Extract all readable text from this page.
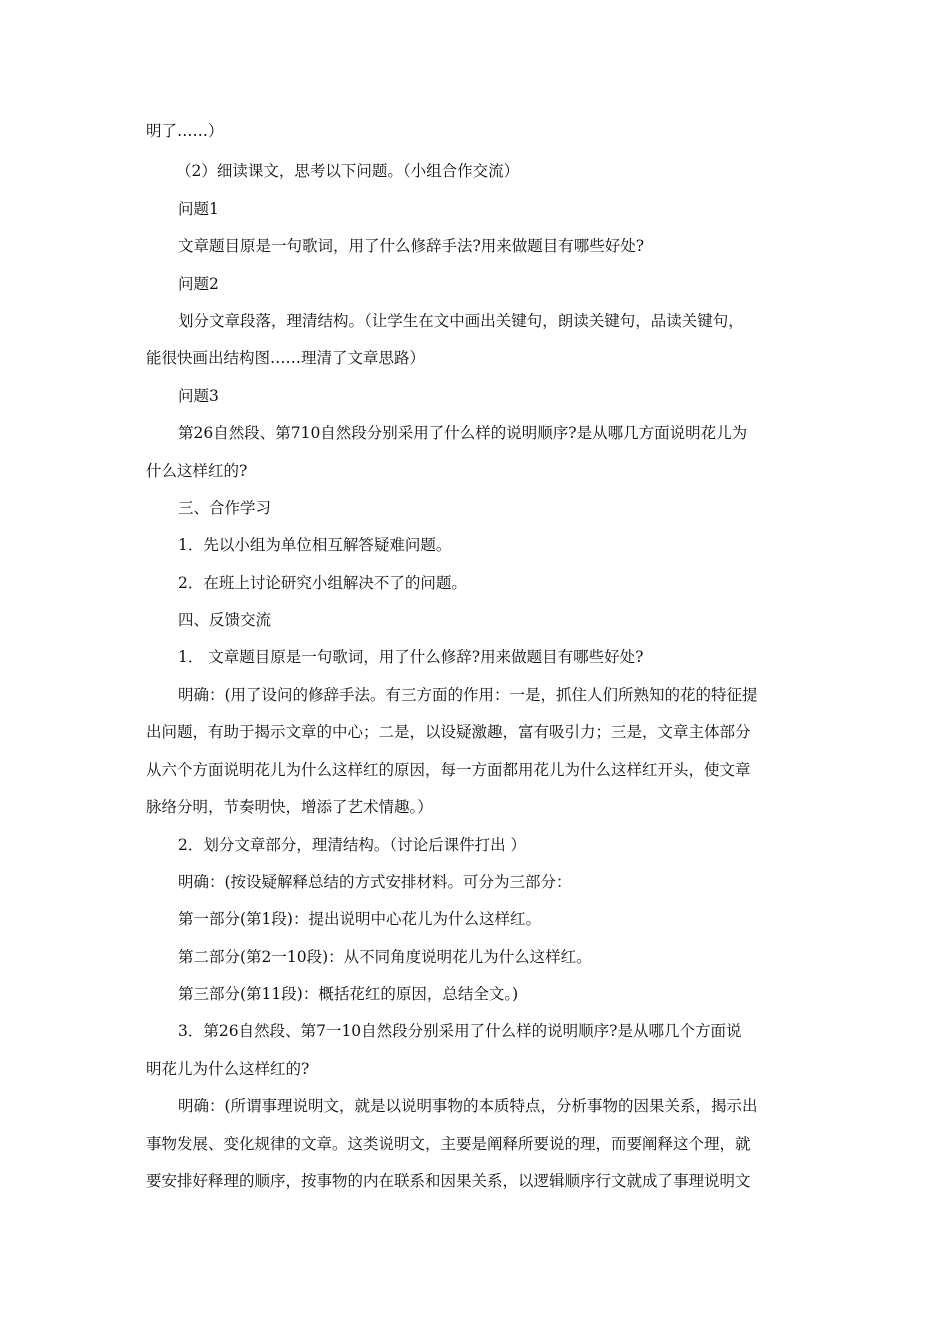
明了……）

（2）细读课文，思考以下问题。（小组合作交流）

问题1

文章题目原是一句歌词，用了什么修辞手法?用来做题目有哪些好处?

问题2

划分文章段落，理清结构。（让学生在文中画出关键句，朗读关键句，品读关键句，

能很快画出结构图……理清了文章思路）

问题3

第26自然段、第710自然段分别采用了什么样的说明顺序?是从哪几方面说明花儿为

什么这样红的?

三、合作学习

1．先以小组为单位相互解答疑难问题。

2．在班上讨论研究小组解决不了的问题。

四、反馈交流

1． 文章题目原是一句歌词，用了什么修辞?用来做题目有哪些好处?

明确：(用了设问的修辞手法。有三方面的作用：一是，抓住人们所熟知的花的特征提

出问题，有助于揭示文章的中心；二是，以设疑激趣，富有吸引力；三是，文章主体部分

从六个方面说明花儿为什么这样红的原因，每一方面都用花儿为什么这样红开头，使文章

脉络分明，节奏明快，增添了艺术情趣。）

2．划分文章部分，理清结构。（讨论后课件打出 ）

明确：(按设疑解释总结的方式安排材料。可分为三部分：

第一部分(第1段)：提出说明中心花儿为什么这样红。

第二部分(第2一10段)：从不同角度说明花儿为什么这样红。

第三部分(第11段)：概括花红的原因，总结全文。)

3．第26自然段、第7一10自然段分别采用了什么样的说明顺序?是从哪几个方面说

明花儿为什么这样红的?

明确：(所谓事理说明文，就是以说明事物的本质特点，分析事物的因果关系，揭示出

事物发展、变化规律的文章。这类说明文，主要是阐释所要说的理，而要阐释这个理，就

要安排好释理的顺序，按事物的内在联系和因果关系，以逻辑顺序行文就成了事理说明文
